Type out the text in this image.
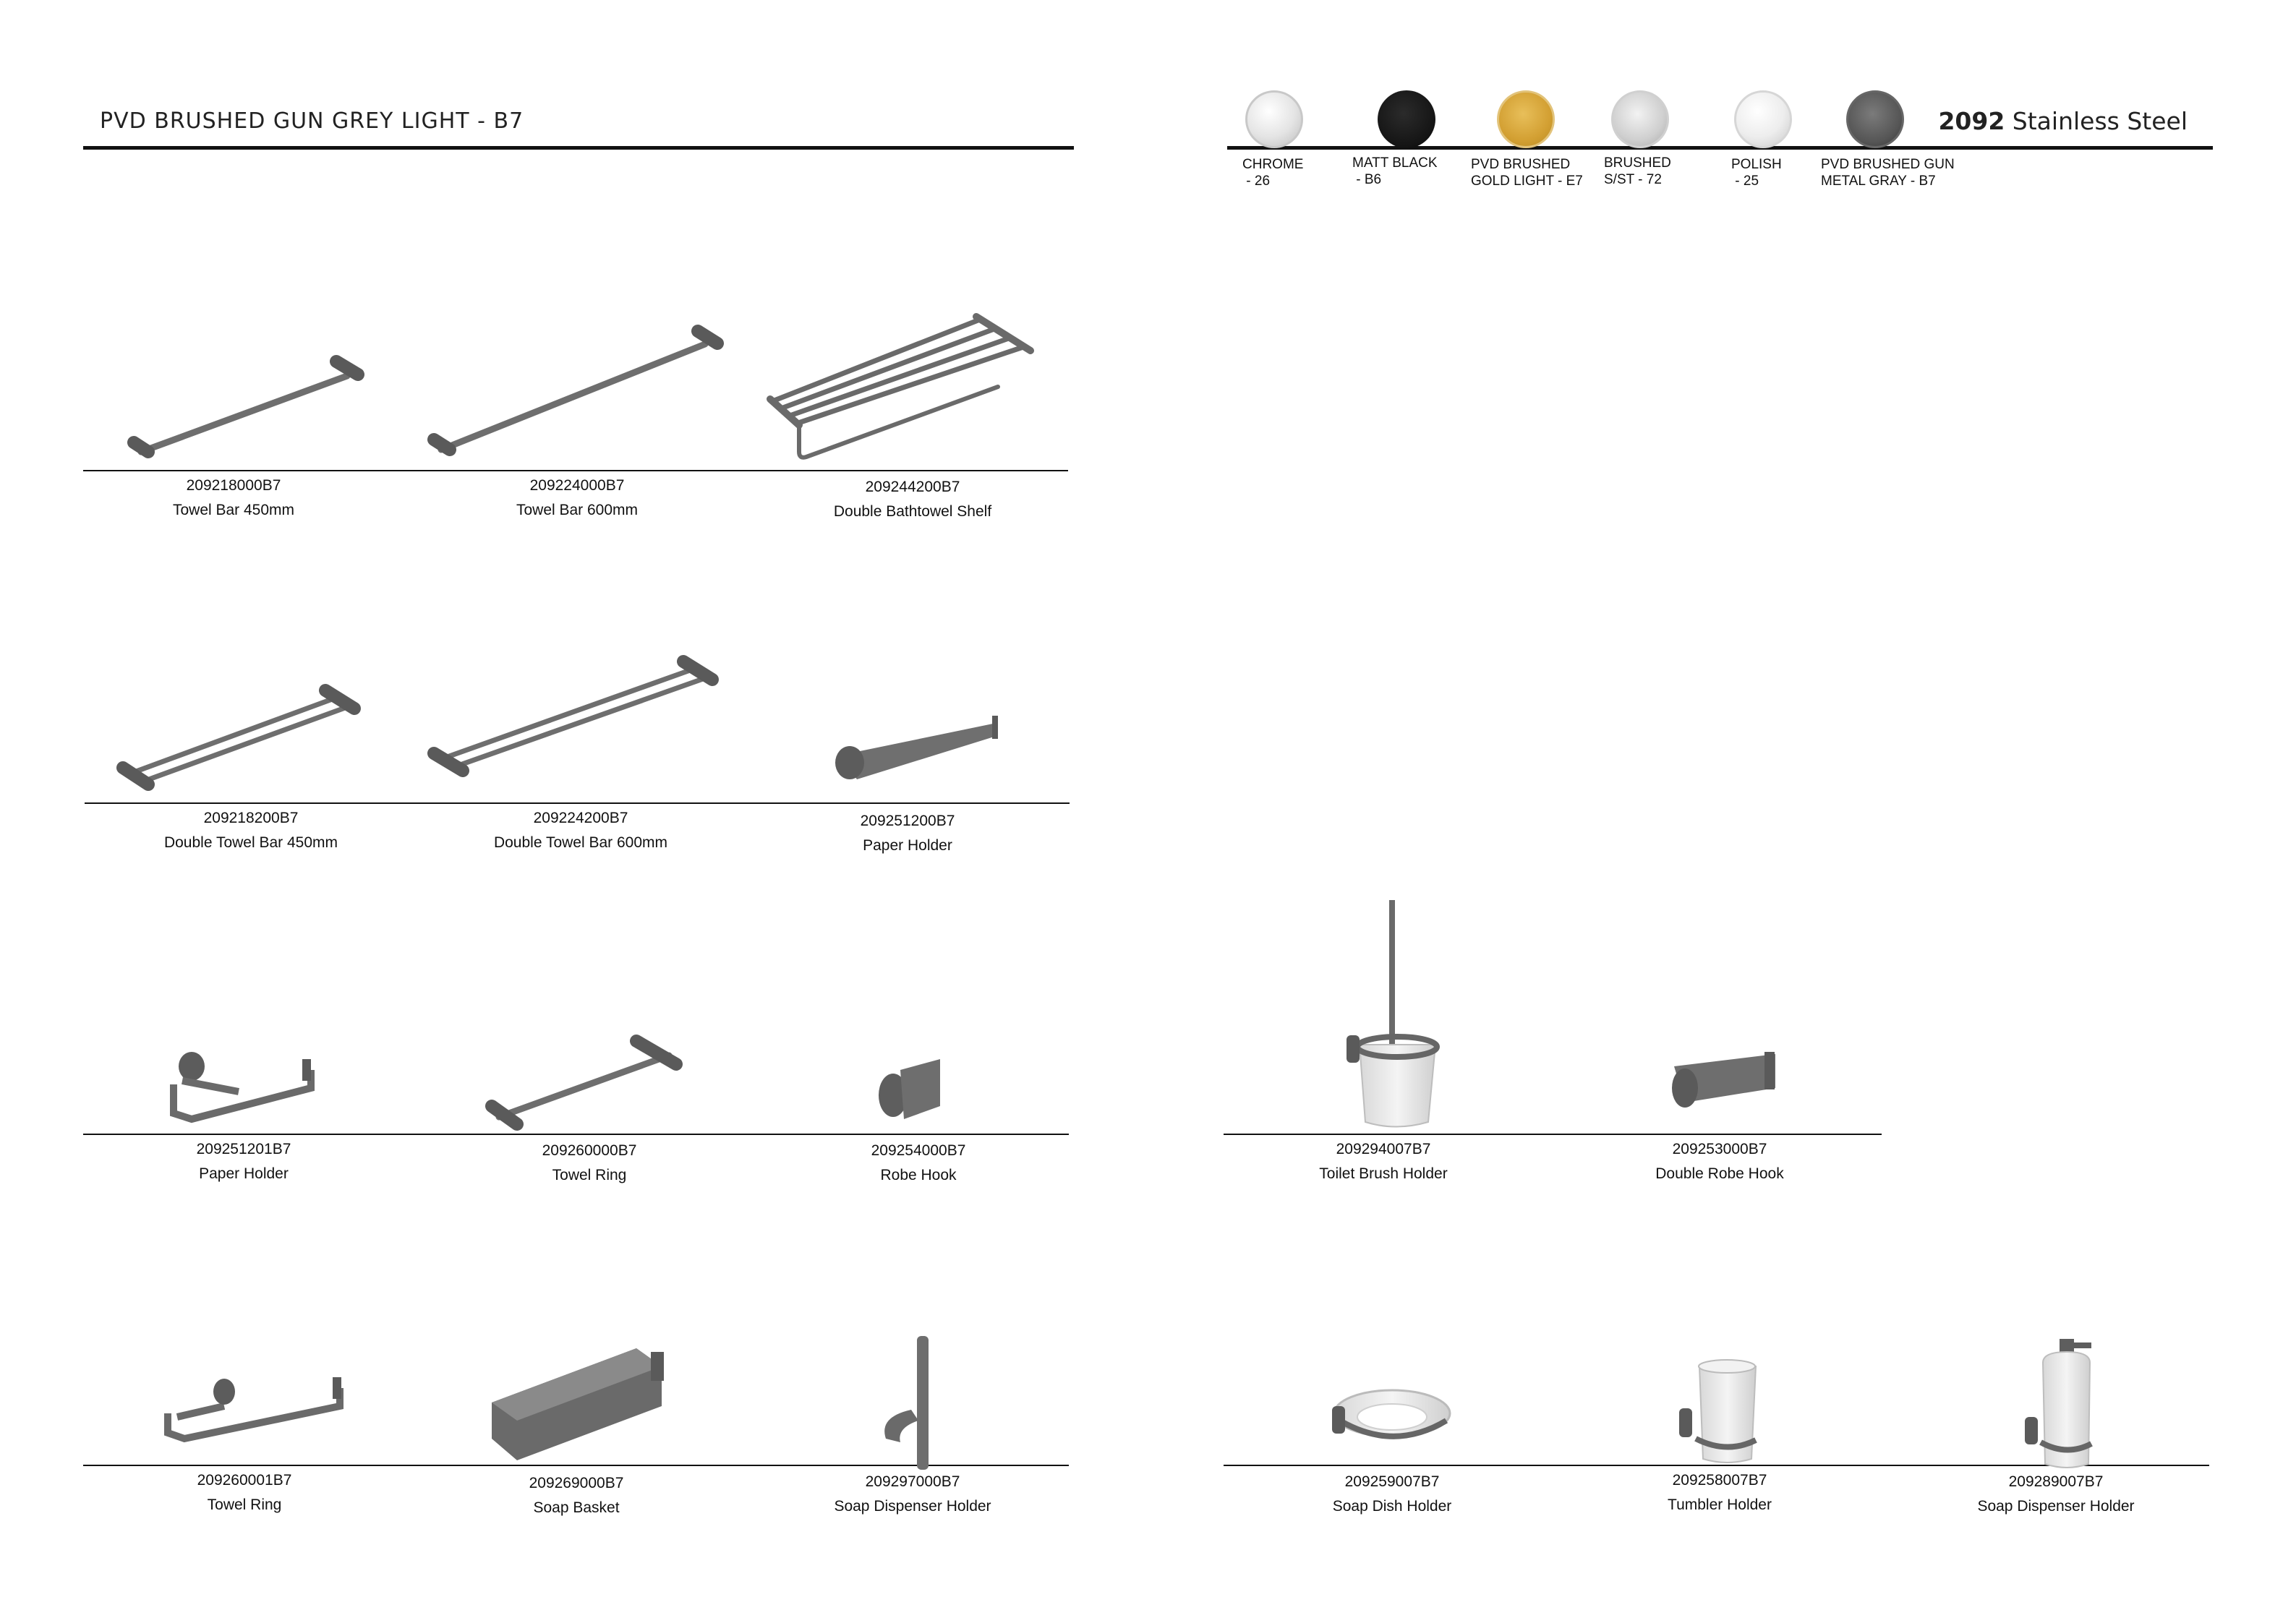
PVD BRUSHED GUN GREY LIGHT - B7	2092 Stainless Steel
CHROME
- 26
MATT BLACK
- B6
PVD BRUSHED
GOLD LIGHT - E7
BRUSHED
S/ST - 72
POLISH
- 25
PVD BRUSHED GUN
METAL GRAY - B7
209218000B7
Towel Bar 450mm
209224000B7
Towel Bar 600mm
209244200B7
Double Bathtowel Shelf
209218200B7
Double Towel Bar 450mm
209224200B7
Double Towel Bar 600mm
209251200B7
Paper Holder
209251201B7
Paper Holder
209260000B7
Towel Ring
209254000B7
Robe Hook
209294007B7
Toilet Brush Holder
209253000B7
Double Robe Hook
209260001B7
Towel Ring
209269000B7
Soap Basket
209297000B7
Soap Dispenser Holder
209259007B7
Soap Dish Holder
209258007B7
Tumbler Holder
209289007B7
Soap Dispenser Holder
